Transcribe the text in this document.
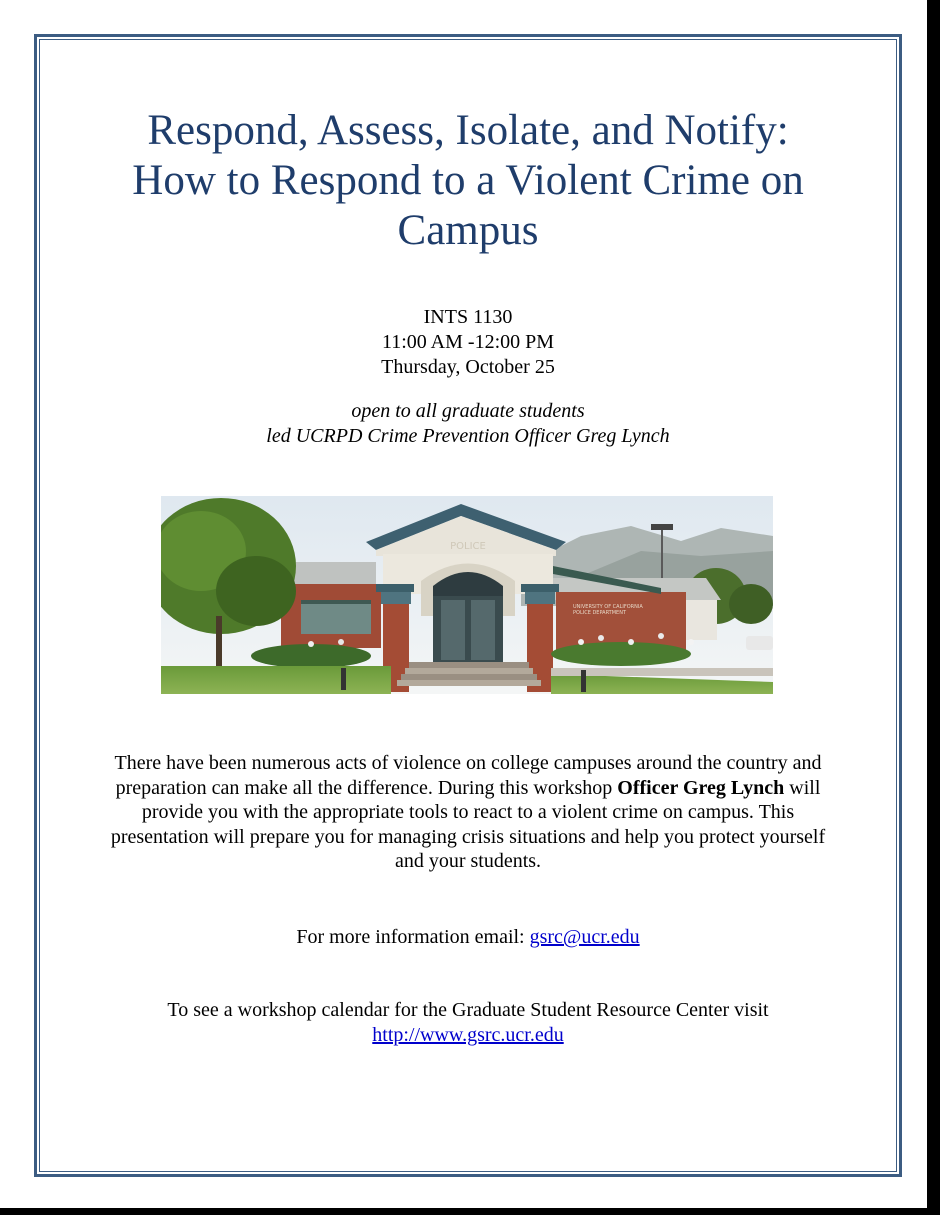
Respond, Assess, Isolate, and Notify:
How to Respond to a Violent Crime on
Campus
INTS 1130
11:00 AM -12:00 PM
Thursday, October 25
open to all graduate students
led UCRPD Crime Prevention Officer Greg Lynch
UNIVERSITY OF CALIFORNIA
POLICE DEPARTMENT
POLICE
There have been numerous acts of violence on college campuses around the country and preparation can make all the difference. During this workshop Officer Greg Lynch will provide you with the appropriate tools to react to a violent crime on campus. This presentation will prepare you for managing crisis situations and help you protect yourself and your students.
For more information email: gsrc@ucr.edu
To see a workshop calendar for the Graduate Student Resource Center visit
http://www.gsrc.ucr.edu
